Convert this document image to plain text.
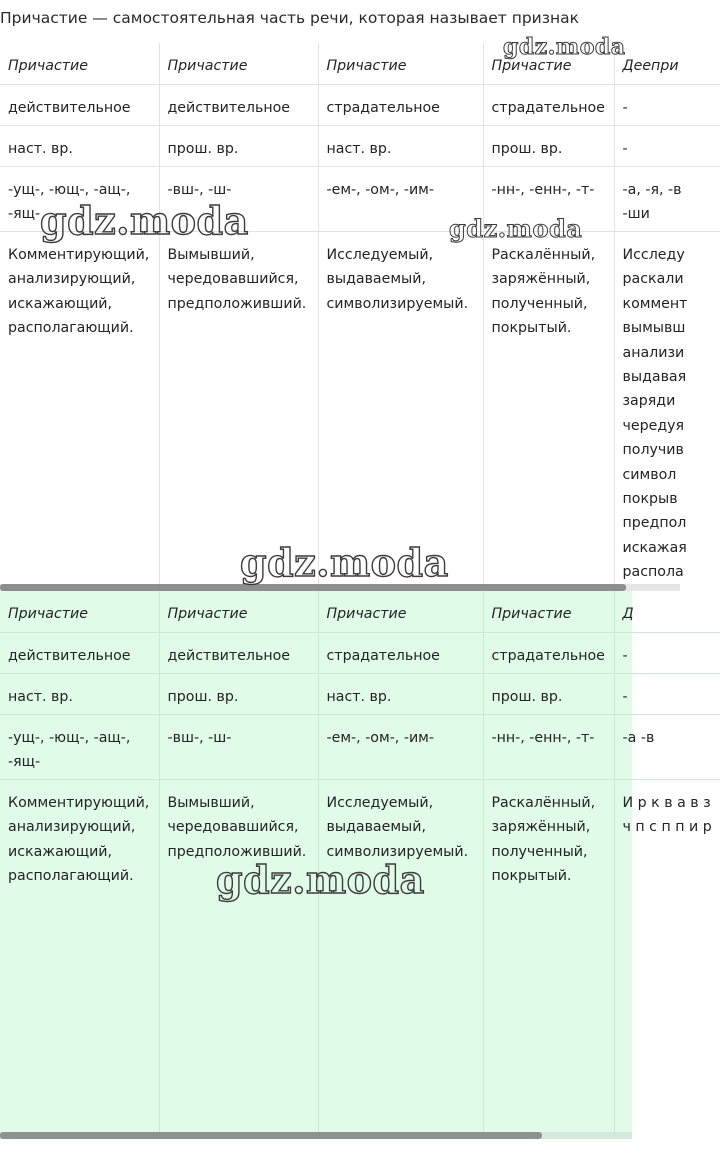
Причастие — самостоятельная часть речи, которая называет признак
Причастие	Причастие	Причастие	Причастие	Деепри
действительное	действительное	страдательное	страдательное	-
наст. вр.	прош. вр.	наст. вр.	прош. вр.	-
-ущ-, -ющ-, -ащ-, -ящ-	-вш-, -ш-	-ем-, -ом-, -им-	-нн-, -енн-, -т-	-а, -я, -в -ши
Комментирующий, анализирующий, искажающий, располагающий.	Вымывший, чередовавшийся, предположивший.	Исследуемый, выдаваемый, символизируемый.	Раскалённый, заряжённый, полученный, покрытый.	Исследу раскали коммент вымывш анализи выдавая заряди чередуя получив символ покрыв предпол искажая распола
Причастие	Причастие	Причастие	Причастие	Д
действительное	действительное	страдательное	страдательное	-
наст. вр.	прош. вр.	наст. вр.	прош. вр.	-
-ущ-, -ющ-, -ащ-, -ящ-	-вш-, -ш-	-ем-, -ом-, -им-	-нн-, -енн-, -т-	-а -в
Комментирующий, анализирующий, искажающий, располагающий.	Вымывший, чередовавшийся, предположивший.	Исследуемый, выдаваемый, символизируемый.	Раскалённый, заряжённый, полученный, покрытый.	И р к в а в з ч п с п п и р
